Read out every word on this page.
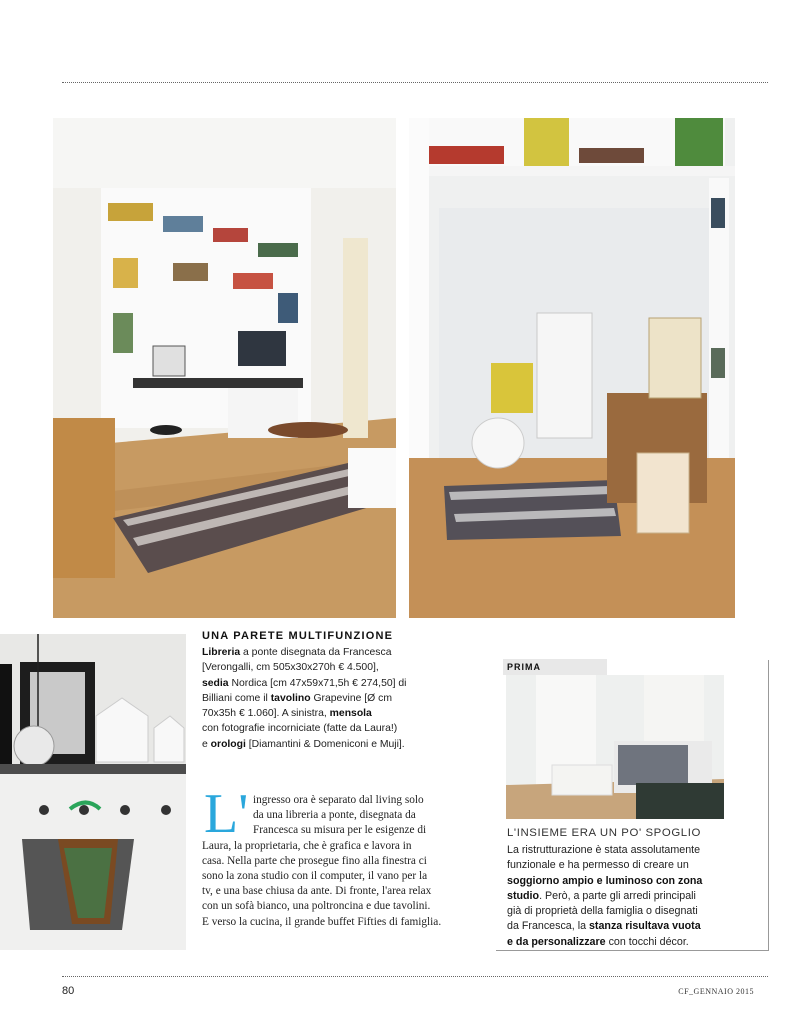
UNA PARETE MULTIFUNZIONE
Libreria a ponte disegnata da Francesca
[Verongalli, cm 505x30x270h € 4.500],
sedia Nordica [cm 47x59x71,5h € 274,50] di
Billiani come il tavolino Grapevine [Ø cm
70x35h € 1.060]. A sinistra, mensola
con fotografie incorniciate (fatte da Laura!)
e orologi [Diamantini & Domeniconi e Muji].
L' ingresso ora è separato dal living solo
da una libreria a ponte, disegnata da
Francesca su misura per le esigenze di
Laura, la proprietaria, che è grafica e lavora in
casa. Nella parte che prosegue fino alla finestra ci
sono la zona studio con il computer, il vano per la
tv, e una base chiusa da ante. Di fronte, l'area relax
con un sofà bianco, una poltroncina e due tavolini.
E verso la cucina, il grande buffet Fifties di famiglia.
PRIMA
L'INSIEME ERA UN PO' SPOGLIO
La ristrutturazione è stata assolutamente
funzionale e ha permesso di creare un
soggiorno ampio e luminoso con zona
studio. Però, a parte gli arredi principali
già di proprietà della famiglia o disegnati
da Francesca, la stanza risultava vuota
e da personalizzare con tocchi décor.
80	CF_GENNAIO 2015
